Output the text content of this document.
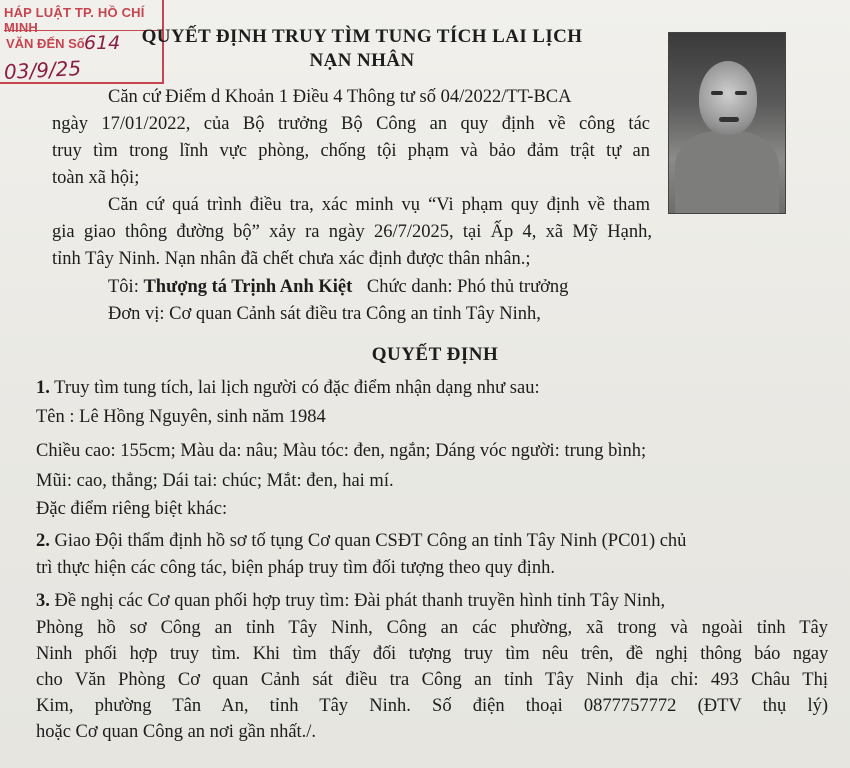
HÁP LUẬT TP. HỒ CHÍ MINH
VĂN ĐẾN Số 614
03/9/25
QUYẾT ĐỊNH TRUY TÌM TUNG TÍCH LAI LỊCH
NẠN NHÂN
Căn cứ Điểm d Khoản 1 Điều 4 Thông tư số 04/2022/TT-BCA
ngày 17/01/2022, của Bộ trưởng Bộ Công an quy định về công tác
truy tìm trong lĩnh vực phòng, chống tội phạm và bảo đảm trật tự an
toàn xã hội;
Căn cứ quá trình điều tra, xác minh vụ “Vi phạm quy định về tham
gia giao thông đường bộ” xảy ra ngày 26/7/2025, tại Ấp 4, xã Mỹ Hạnh,
tỉnh Tây Ninh. Nạn nhân đã chết chưa xác định được thân nhân.;
Tôi: Thượng tá Trịnh Anh Kiệt Chức danh: Phó thủ trưởng
Đơn vị: Cơ quan Cảnh sát điều tra Công an tỉnh Tây Ninh,
QUYẾT ĐỊNH
1. Truy tìm tung tích, lai lịch người có đặc điểm nhận dạng như sau:
Tên : Lê Hồng Nguyên, sinh năm 1984
Chiều cao: 155cm; Màu da: nâu; Màu tóc: đen, ngắn; Dáng vóc người: trung bình;
Mũi: cao, thẳng; Dái tai: chúc; Mắt: đen, hai mí.
Đặc điểm riêng biệt khác:
2. Giao Đội thẩm định hồ sơ tố tụng Cơ quan CSĐT Công an tỉnh Tây Ninh (PC01) chủ
trì thực hiện các công tác, biện pháp truy tìm đối tượng theo quy định.
3. Đề nghị các Cơ quan phối hợp truy tìm: Đài phát thanh truyền hình tỉnh Tây Ninh,
Phòng hồ sơ Công an tỉnh Tây Ninh, Công an các phường, xã trong và ngoài tỉnh Tây
Ninh phối hợp truy tìm. Khi tìm thấy đối tượng truy tìm nêu trên, đề nghị thông báo ngay
cho Văn Phòng Cơ quan Cảnh sát điều tra Công an tỉnh Tây Ninh địa chỉ: 493 Châu Thị
Kim, phường Tân An, tỉnh Tây Ninh. Số điện thoại 0877757772 (ĐTV thụ lý)
hoặc Cơ quan Công an nơi gần nhất./.
